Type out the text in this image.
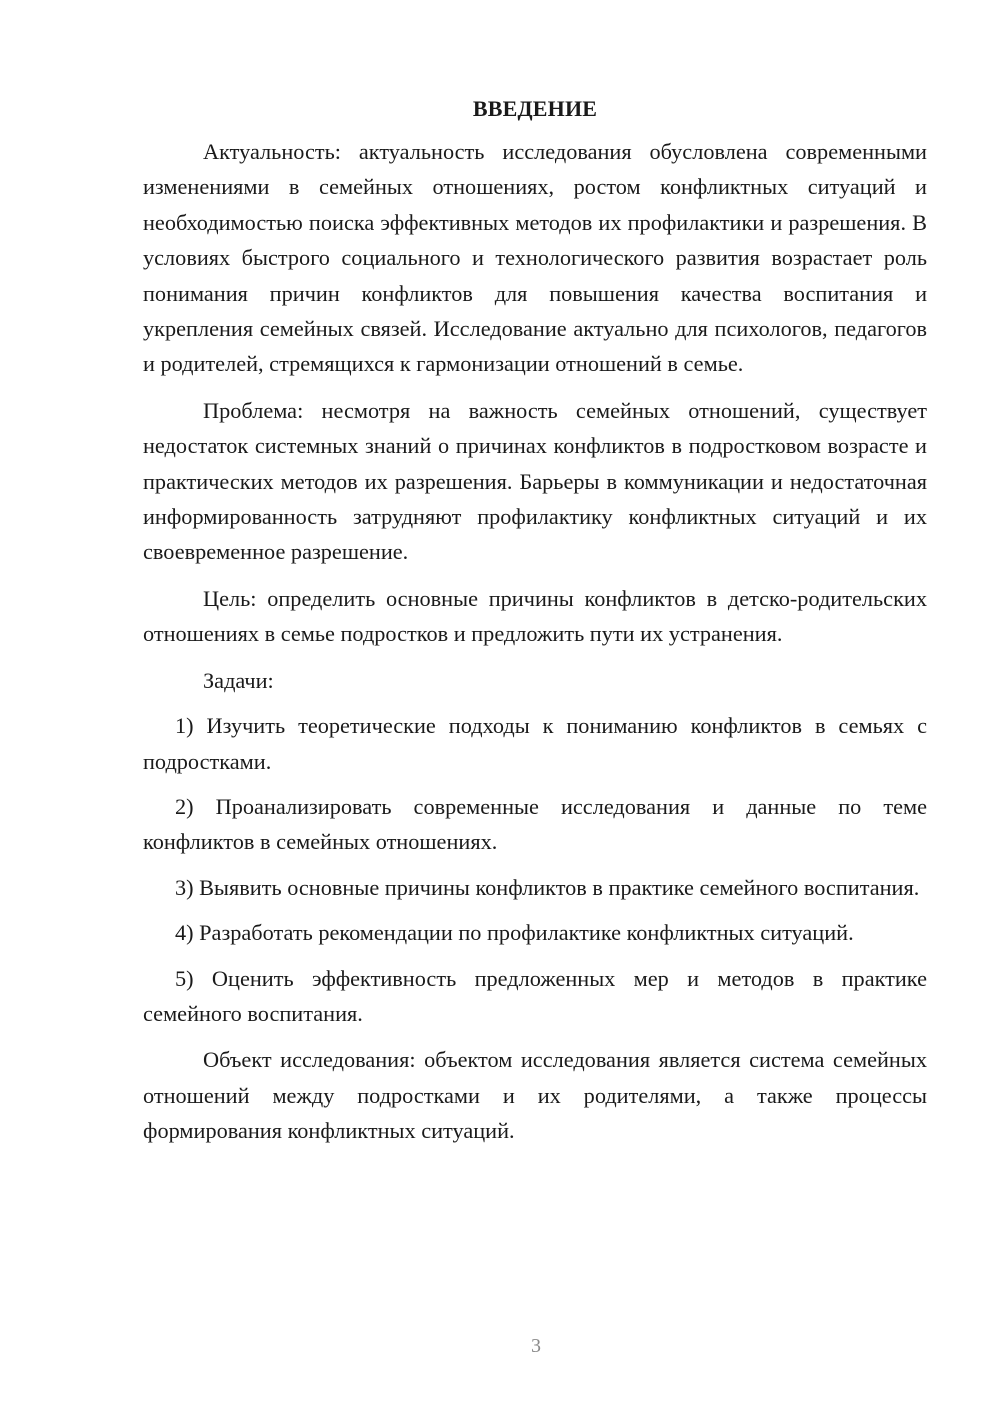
ВВЕДЕНИЕ

Актуальность: актуальность исследования обусловлена современными изменениями в семейных отношениях, ростом конфликтных ситуаций и необходимостью поиска эффективных методов их профилактики и разрешения. В условиях быстрого социального и технологического развития возрастает роль понимания причин конфликтов для повышения качества воспитания и укрепления семейных связей. Исследование актуально для психологов, педагогов и родителей, стремящихся к гармонизации отношений в семье.

Проблема: несмотря на важность семейных отношений, существует недостаток системных знаний о причинах конфликтов в подростковом возрасте и практических методов их разрешения. Барьеры в коммуникации и недостаточная информированность затрудняют профилактику конфликтных ситуаций и их своевременное разрешение.

Цель: определить основные причины конфликтов в детско-родительских отношениях в семье подростков и предложить пути их устранения.

Задачи:

1) Изучить теоретические подходы к пониманию конфликтов в семьях с подростками.

2) Проанализировать современные исследования и данные по теме конфликтов в семейных отношениях.

3) Выявить основные причины конфликтов в практике семейного воспитания.

4) Разработать рекомендации по профилактике конфликтных ситуаций.

5) Оценить эффективность предложенных мер и методов в практике семейного воспитания.

Объект исследования: объектом исследования является система семейных отношений между подростками и их родителями, а также процессы формирования конфликтных ситуаций.

3
